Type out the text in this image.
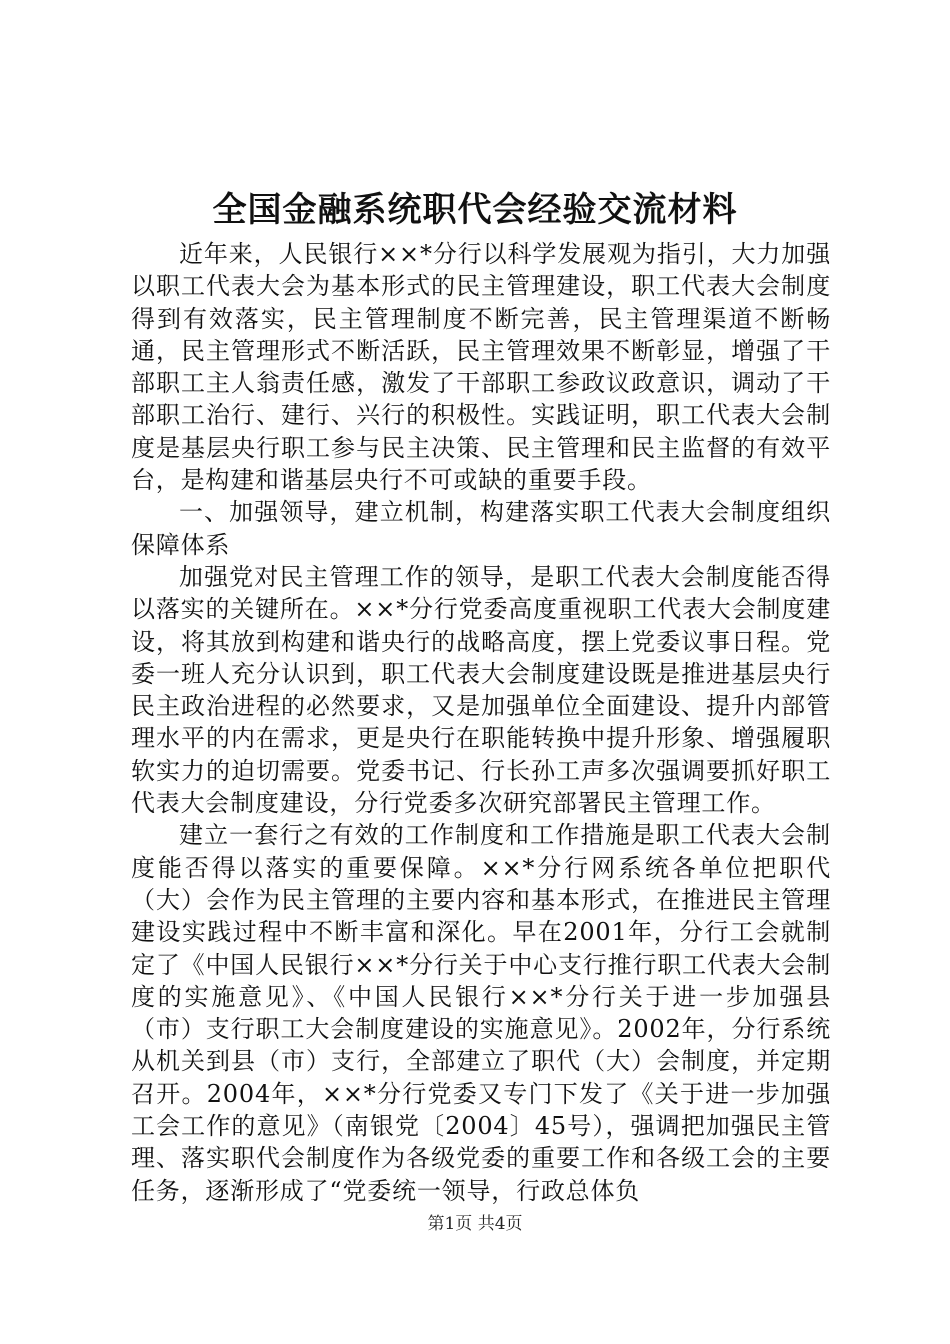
全国金融系统职代会经验交流材料

近年来，人民银行××*分行以科学发展观为指引，大力加强以职工代表大会为基本形式的民主管理建设，职工代表大会制度得到有效落实，民主管理制度不断完善，民主管理渠道不断畅通，民主管理形式不断活跃，民主管理效果不断彰显，增强了干部职工主人翁责任感，激发了干部职工参政议政意识，调动了干部职工治行、建行、兴行的积极性。实践证明，职工代表大会制度是基层央行职工参与民主决策、民主管理和民主监督的有效平台，是构建和谐基层央行不可或缺的重要手段。

一、加强领导，建立机制，构建落实职工代表大会制度组织保障体系

加强党对民主管理工作的领导，是职工代表大会制度能否得以落实的关键所在。××*分行党委高度重视职工代表大会制度建设，将其放到构建和谐央行的战略高度，摆上党委议事日程。党委一班人充分认识到，职工代表大会制度建设既是推进基层央行民主政治进程的必然要求，又是加强单位全面建设、提升内部管理水平的内在需求，更是央行在职能转换中提升形象、增强履职软实力的迫切需要。党委书记、行长孙工声多次强调要抓好职工代表大会制度建设，分行党委多次研究部署民主管理工作。

建立一套行之有效的工作制度和工作措施是职工代表大会制度能否得以落实的重要保障。××*分行网系统各单位把职代（大）会作为民主管理的主要内容和基本形式，在推进民主管理建设实践过程中不断丰富和深化。早在2001年，分行工会就制定了《中国人民银行××*分行关于中心支行推行职工代表大会制度的实施意见》、《中国人民银行××*分行关于进一步加强县（市）支行职工大会制度建设的实施意见》。2002年，分行系统从机关到县（市）支行，全部建立了职代（大）会制度，并定期召开。2004年，××*分行党委又专门下发了《关于进一步加强工会工作的意见》（南银党〔2004〕45号），强调把加强民主管理、落实职代会制度作为各级党委的重要工作和各级工会的主要任务，逐渐形成了“党委统一领导，行政总体负

第1页 共4页
